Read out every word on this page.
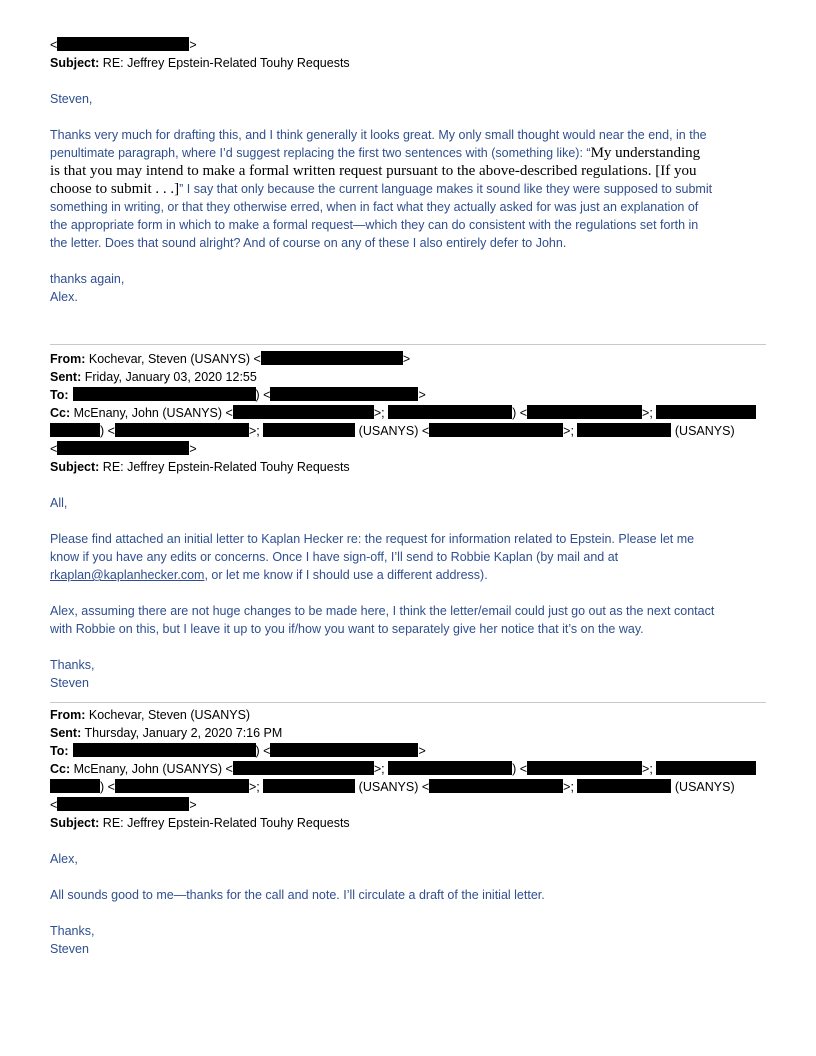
<	>
Subject: RE: Jeffrey Epstein-Related Touhy Requests
Steven,
Thanks very much for drafting this, and I think generally it looks great. My only small thought would near the end, in the
penultimate paragraph, where I’d suggest replacing the first two sentences with (something like): “My understanding
is that you may intend to make a formal written request pursuant to the above-described regulations. [If you
choose to submit . . .]” I say that only because the current language makes it sound like they were supposed to submit
something in writing, or that they otherwise erred, when in fact what they actually asked for was just an explanation of
the appropriate form in which to make a formal request—which they can do consistent with the regulations set forth in
the letter. Does that sound alright? And of course on any of these I also entirely defer to John.
thanks again,
Alex.
From: Kochevar, Steven (USANYS) <	>
Sent: Friday, January 03, 2020 12:55
To:	) <	>
Cc: McEnany, John (USANYS) <	>;	) <	>;
) <	>;	(USANYS) <	>;	(USANYS)
<	>
Subject: RE: Jeffrey Epstein-Related Touhy Requests
All,
Please find attached an initial letter to Kaplan Hecker re: the request for information related to Epstein. Please let me
know if you have any edits or concerns. Once I have sign-off, I’ll send to Robbie Kaplan (by mail and at
rkaplan@kaplanhecker.com, or let me know if I should use a different address).
Alex, assuming there are not huge changes to be made here, I think the letter/email could just go out as the next contact
with Robbie on this, but I leave it up to you if/how you want to separately give her notice that it’s on the way.
Thanks,
Steven
From: Kochevar, Steven (USANYS)
Sent: Thursday, January 2, 2020 7:16 PM
To:	) <	>
Cc: McEnany, John (USANYS) <	>;	) <	>;
) <	>;	(USANYS) <	>;	(USANYS)
<	>
Subject: RE: Jeffrey Epstein-Related Touhy Requests
Alex,
All sounds good to me—thanks for the call and note. I’ll circulate a draft of the initial letter.
Thanks,
Steven
